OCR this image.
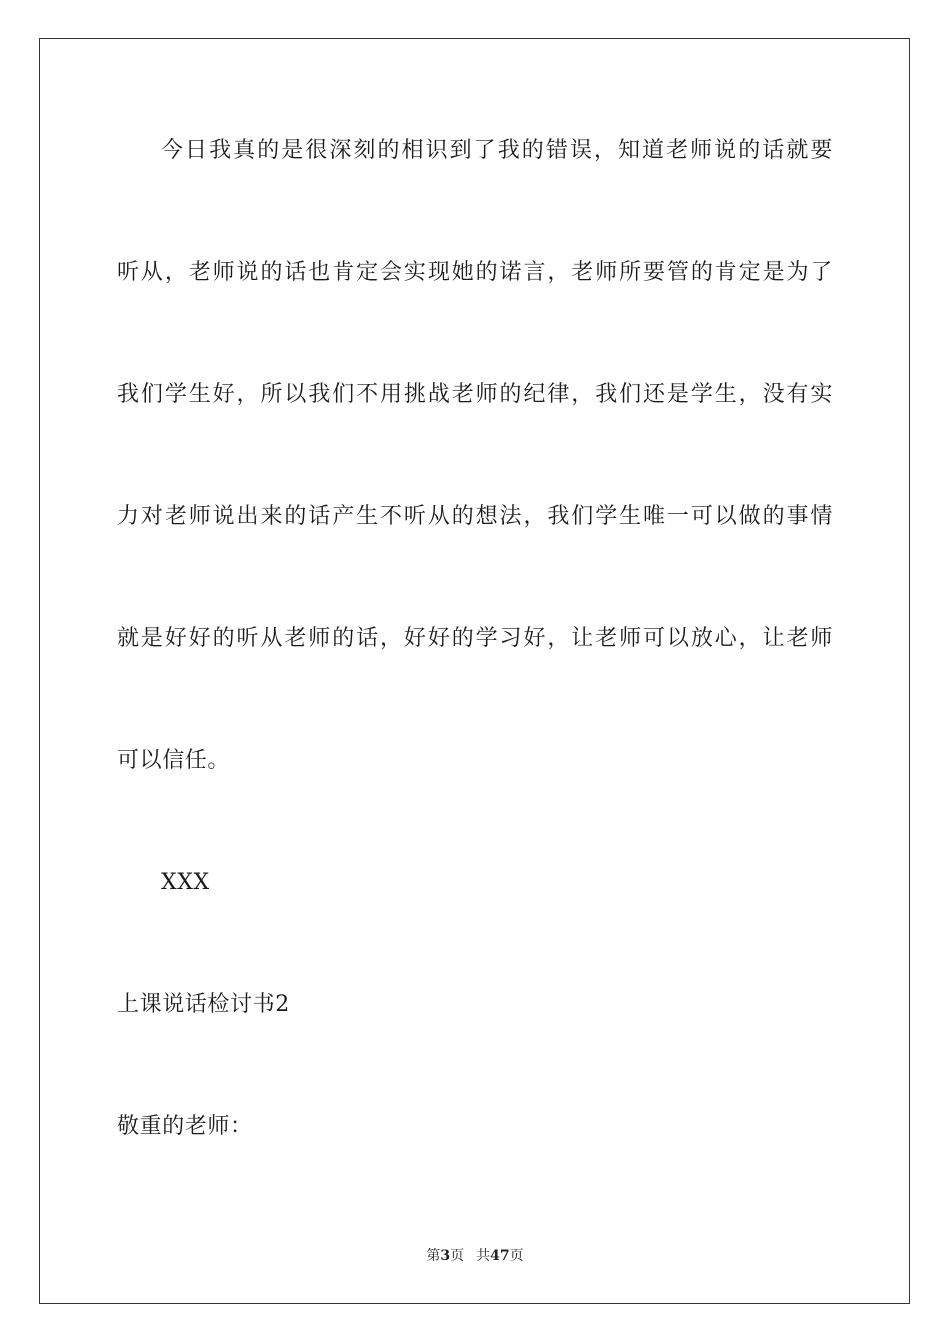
今日我真的是很深刻的相识到了我的错误，知道老师说的话就要
听从，老师说的话也肯定会实现她的诺言，老师所要管的肯定是为了
我们学生好，所以我们不用挑战老师的纪律，我们还是学生，没有实
力对老师说出来的话产生不听从的想法，我们学生唯一可以做的事情
就是好好的听从老师的话，好好的学习好，让老师可以放心，让老师
可以信任。
XXX
上课说话检讨书2
敬重的老师：
第3页 共47页
